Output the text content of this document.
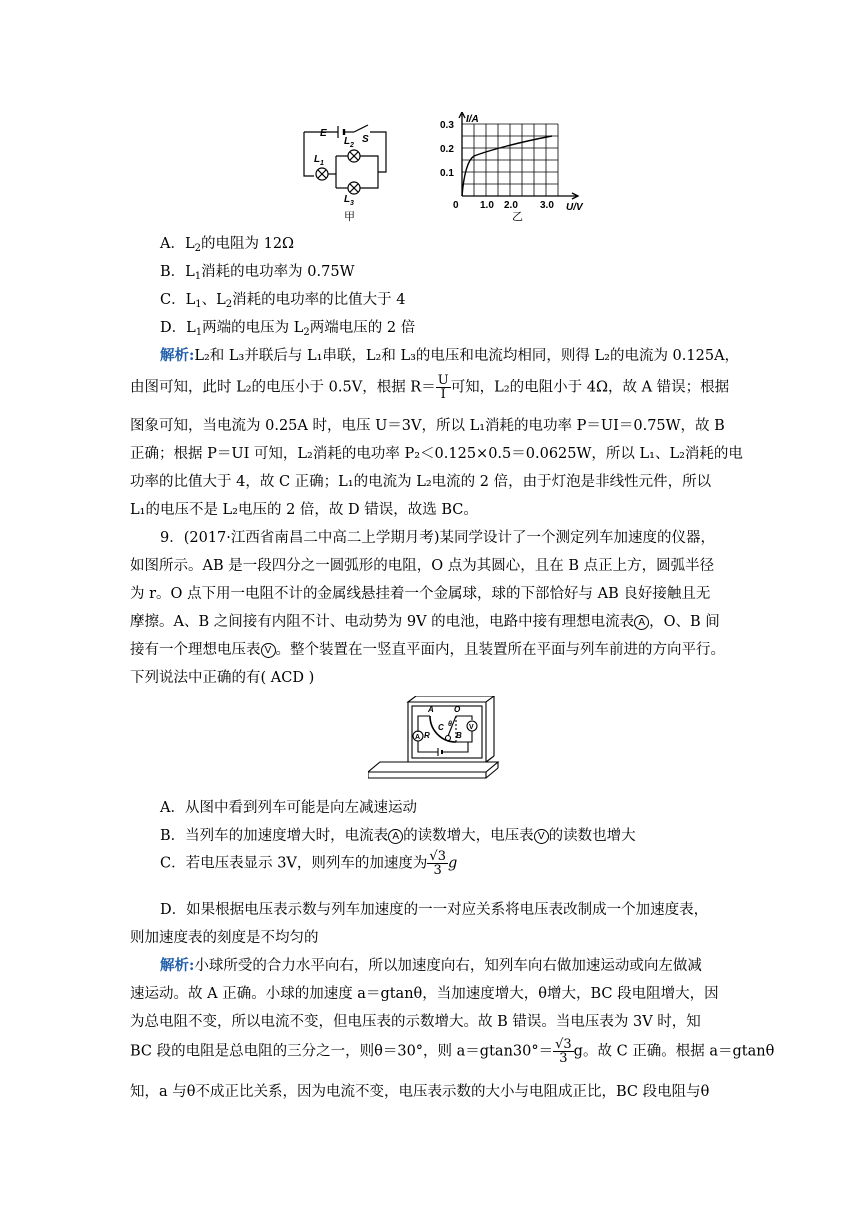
E
S
L 1
L 2
L 3
甲
I/A
0.3
0.2
0.1
0 1.0 2.0 3.0 U/V
乙
A．$L_2$的电阻为 12Ω
B．$L_1$消耗的电功率为 0.75W
C．$L_1$、$L_2$消耗的电功率的比值大于 4
D．$L_1$两端的电压为 $L_2$两端电压的 2 倍
解析:L₂和 L₃并联后与 L₁串联，L₂和 L₃的电压和电流均相同，则得 L₂的电流为 0.125A，
由图可知，此时 L₂的电压小于 0.5V，根据 $R= \frac{U}{I}$ 可知，L₂的电阻小于 4Ω，故 A 错误；根据
图象可知，当电流为 0.25A 时，电压 U＝3V，所以 L₁消耗的电功率 P＝UI＝0.75W，故 B
正确；根据 P＝UI 可知，L₂消耗的电功率 P₂＜0.125×0.5＝0.0625W，所以 L₁、L₂消耗的电
功率的比值大于 4，故 C 正确；L₁的电流为 L₂电流的 2 倍，由于灯泡是非线性元件，所以
L₁的电压不是 L₂电压的 2 倍，故 D 错误，故选 BC。
9．(2017·江西省南昌二中高二上学期月考)某同学设计了一个测定列车加速度的仪器，
如图所示。AB 是一段四分之一圆弧形的电阻，O 点为其圆心，且在 B 点正上方，圆弧半径
为 r。O 点下用一电阻不计的金属线悬挂着一个金属球，球的下部恰好与 AB 良好接触且无
摩擦。A、B 之间接有内阻不计、电动势为 9V 的电池，电路中接有理想电流表 A ，O、B 间
接有一个理想电压表 V 。整个装置在一竖直平面内，且装置所在平面与列车前进的方向平行。
下列说法中正确的有( ACD )
A	O
C θ
B
R
V
A
A．从图中看到列车可能是向左减速运动
B．当列车的加速度增大时，电流表 A 的读数增大，电压表 V 的读数也增大
C．若电压表显示 3V，则列车的加速度为 $\frac{√3}{3}$ g
D．如果根据电压表示数与列车加速度的一一对应关系将电压表改制成一个加速度表，
则加速度表的刻度是不均匀的
解析:小球所受的合力水平向右，所以加速度向右，知列车向右做加速运动或向左做减
速运动。故 A 正确。小球的加速度 a＝gtanθ，当加速度增大，θ增大，BC 段电阻增大，因
为总电阻不变，所以电流不变，但电压表的示数增大。故 B 错误。当电压表为 3V 时，知
BC 段的电阻是总电阻的三分之一，则θ＝30°，则 $a=gtan30^\circ= \frac{√3}{3}$ g。故 C 正确。根据 a＝gtanθ
知，a 与θ不成正比关系，因为电流不变，电压表示数的大小与电阻成正比，BC 段电阻与θ
